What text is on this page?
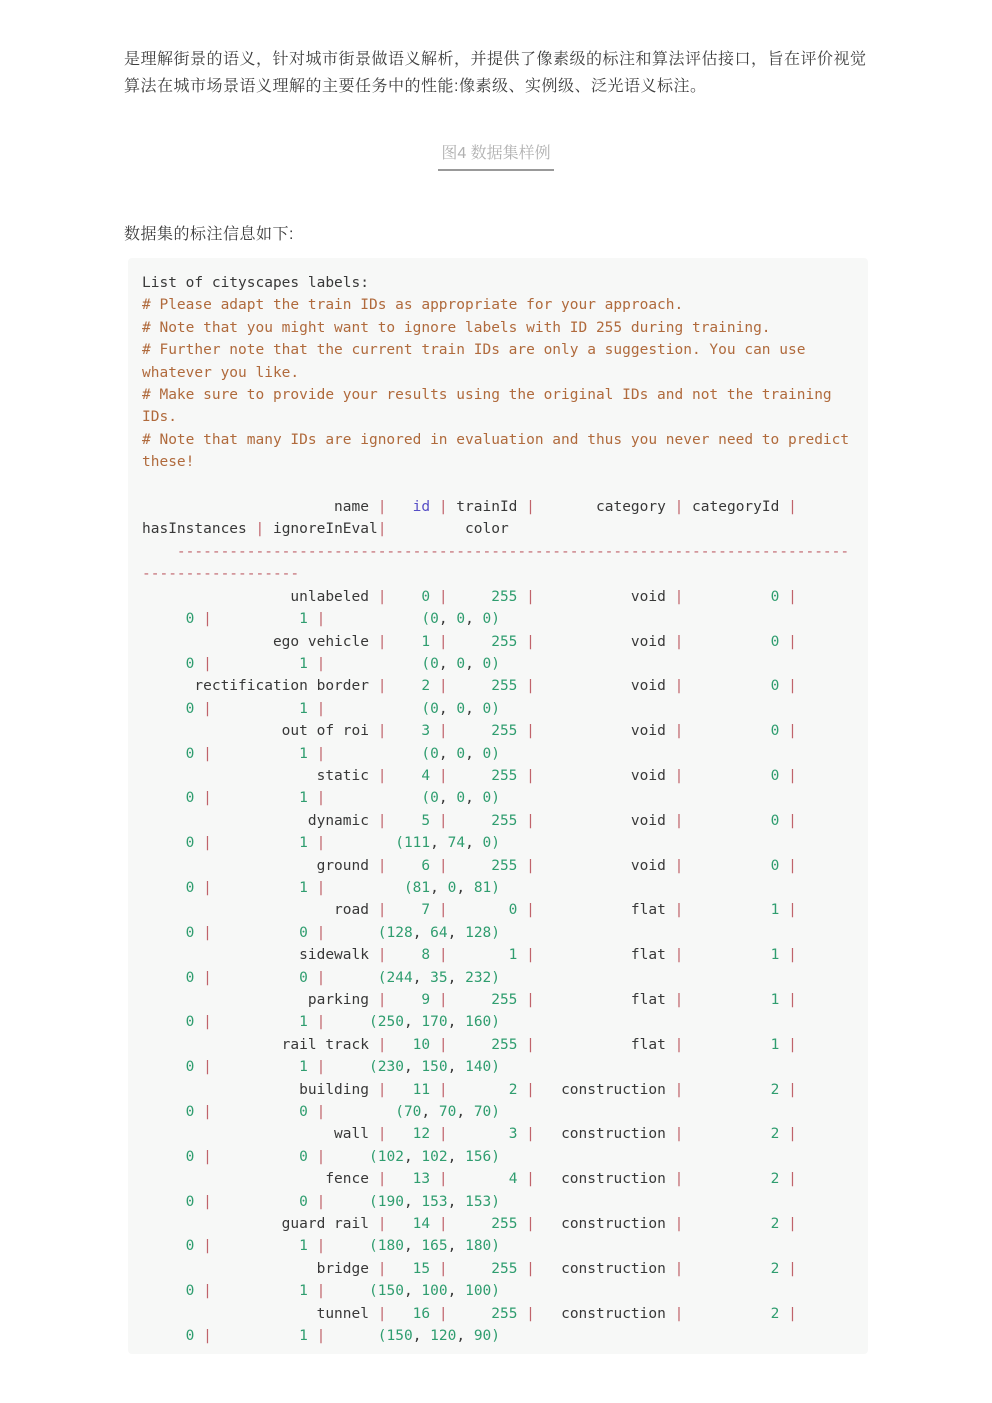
是理解街景的语义，针对城市街景做语义解析，并提供了像素级的标注和算法评估接口，旨在评价视觉算法在城市场景语义理解的主要任务中的性能:像素级、实例级、泛光语义标注。

图4 数据集样例

数据集的标注信息如下:

List of cityscapes labels:
# Please adapt the train IDs as appropriate for your approach.
# Note that you might want to ignore labels with ID 255 during training.
# Further note that the current train IDs are only a suggestion. You can use
whatever you like.
# Make sure to provide your results using the original IDs and not the training
IDs.
# Note that many IDs are ignored in evaluation and thus you never need to predict
these!

name | id | trainId |       category | categoryId |
hasInstances | ignoreInEval|         color
-----------------------------------------------------------------------------
------------------
unlabeled | 0 |	255 |           void |	0 |
0 |	1 |	(0, 0, 0)
ego vehicle | 1 |	255 |           void |	0 |
0 |	1 |	(0, 0, 0)
rectification border | 2 |	255 |           void |	0 |
0 |	1 |	(0, 0, 0)
out of roi | 3 |	255 |           void |	0 |
0 |	1 |	(0, 0, 0)
static | 4 |	255 |           void |	0 |
0 |	1 |	(0, 0, 0)
dynamic | 5 |	255 |           void |	0 |
0 |	1 |	(111, 74, 0)
ground | 6 |	255 |           void |	0 |
0 |	1 |	(81, 0, 81)
road | 7 |	0 |           flat |	1 |
0 |	0 |	(128, 64, 128)
sidewalk | 8 |	1 |           flat |	1 |
0 |	0 |	(244, 35, 232)
parking | 9 |	255 |           flat |	1 |
0 |	1 |	(250, 170, 160)
rail track | 10 |	255 |           flat |	1 |
0 |	1 |	(230, 150, 140)
building | 11 |	2 |   construction |	2 |
0 |	0 |	(70, 70, 70)
wall | 12 |	3 |   construction |	2 |
0 |	0 |	(102, 102, 156)
fence | 13 |	4 |   construction |	2 |
0 |	0 |	(190, 153, 153)
guard rail | 14 |	255 |   construction |	2 |
0 |	1 |	(180, 165, 180)
bridge | 15 |	255 |   construction |	2 |
0 |	1 |	(150, 100, 100)
tunnel | 16 |	255 |   construction |	2 |
0 |	1 |	(150, 120, 90)
